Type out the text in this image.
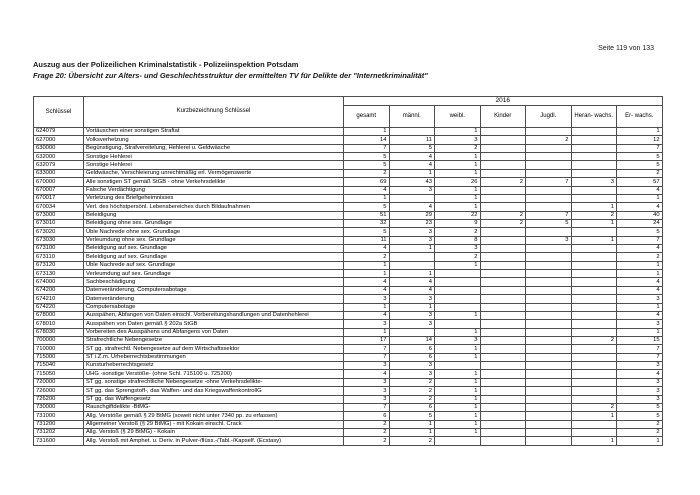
Seite 119 von 133
Auszug aus der Polizeilichen Kriminalstatistik - Polizeiinspektion Potsdam
Frage 20: Übersicht zur Alters- und Geschlechtsstruktur der ermittelten TV für Delikte der "Internetkriminalität"
Schlüssel	Kurzbezeichnung Schlüssel	2016						
		gesamt	männl.	weibl.	Kinder	Jugdl.	Heran- wachs.	Er- wachs.
624079	Vortäuschen einer sonstigen Straftat	1		1				1
627000	Volksverhetzung	14	11	3		2		12
630000	Begünstigung, Strafvereitelung, Hehlerei u. Geldwäsche	7	5	2				7
632000	Sonstige Hehlerei	5	4	1				5
632079	Sonstige Hehlerei	5	4	1				5
633000	Geldwäsche, Verschleierung unrechtmäßig erl. Vermögenswerte	2	1	1				2
670000	Alle sonstigen ST gemäß StGB - ohne Verkehrsdelikte	69	43	26	2	7	3	57
670007	Falsche Verdächtigung	4	3	1				4
670017	Verletzung des Briefgeheimnisses	1		1				1
670034	Verl. des höchstpersönl. Lebensbereiches durch Bildaufnahmen	5	4	1			1	4
673000	Beleidigung	51	29	22	2	7	2	40
673010	Beleidigung ohne sex. Grundlage	32	23	9	2	5	1	24
673020	Üble Nachrede ohne sex. Grundlage	5	3	2				5
673030	Verleumdung ohne sex. Grundlage	11	3	8		3	1	7
673100	Beleidigung auf sex. Grundlage	4	1	3				4
673110	Beleidigung auf sex. Grundlage	2		2				2
673120	Üble Nachrede auf sex. Grundlage	1		1				1
673130	Verleumdung auf sex. Grundlage	1	1					1
674000	Sachbeschädigung	4	4					4
674200	Datenveränderung, Computersabotage	4	4					4
674210	Datenveränderung	3	3					3
674220	Computersabotage	1	1					1
678000	Ausspähen, Abfangen von Daten einschl. Vorbereitungshandlungen und Datenhehlerei	4	3	1				4
678010	Ausspähen von Daten gemäß § 202a StGB	3	3					3
678030	Vorbereiten des Ausspähens und Abfangens von Daten	1		1				1
700000	Strafrechtliche Nebengesetze	17	14	3			2	15
710000	ST gg. strafrechtl. Nebengesetze auf dem Wirtschaftssektor	7	6	1				7
715000	ST i.Z.m. Urheberrechtsbestimmungen	7	6	1				7
715040	Kunsturheberrechtsgesetz	3	3					3
715050	UHG -sonstige Verstöße- (ohne Schl. 715100 u. 725200)	4	3	1				4
720000	ST gg. sonstige strafrechtliche Nebengesetze -ohne Verkehrsdelikte-	3	2	1				3
726000	ST gg. das Sprengstoff-, das Waffen- und das KriegswaffenkontrollG	3	2	1				3
726200	ST gg. das Waffengesetz	3	2	1				3
730000	Rauschgiftdelikte -BtMG-	7	6	1			2	5
731000	Allg. Verstöße gemäß § 29 BtMG (soweit nicht unter 7340 pp. zu erfassen)	6	5	1			1	5
731200	Allgemeiner Verstoß (§ 29 BtMG) - mit Kokain einschl. Crack	2	1	1				2
731202	Allg. Verstoß (§ 29 BtMG) - Kokain	2	1	1				2
731600	Allg. Verstoß mit Amphet. u. Deriv. in Pulver-/flüss.-/Tabl.-/Kapself. (Ecstasy)	2	2				1	1
